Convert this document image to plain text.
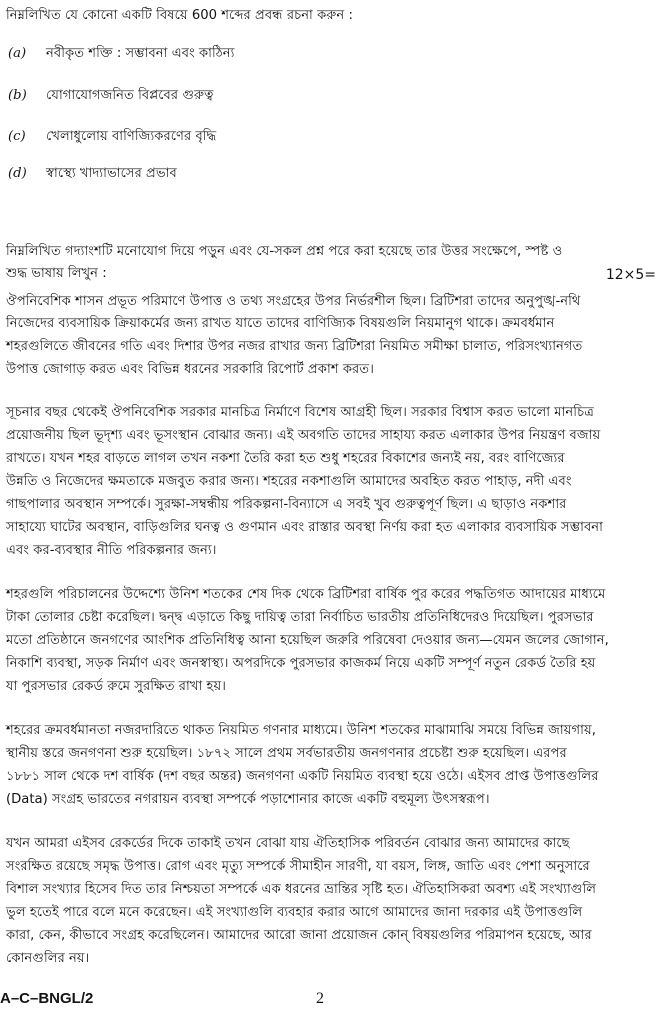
নিম্নলিখিত যে কোনো একটি বিষয়ে 600 শব্দের প্রবন্ধ রচনা করুন :
(a) নবীকৃত শক্তি : সম্ভাবনা এবং কাঠিন্য
(b) যোগাযোগজনিত বিপ্লবের গুরুত্ব
(c) খেলাধুলোয় বাণিজ্যিকরণের বৃদ্ধি
(d) স্বাস্থ্যে খাদ্যাভাসের প্রভাব
নিম্নলিখিত গদ্যাংশটি মনোযোগ দিয়ে পড়ুন এবং যে-সকল প্রশ্ন পরে করা হয়েছে তার উত্তর সংক্ষেপে, স্পষ্ট ও
শুদ্ধ ভাষায় লিখুন :	12×5=
ঔপনিবেশিক শাসন প্রভূত পরিমাণে উপাত্ত ও তথ্য সংগ্রহের উপর নির্ভরশীল ছিল। ব্রিটিশরা তাদের অনুপুঙ্খ-নথি
নিজেদের ব্যবসায়িক ক্রিয়াকর্মের জন্য রাখত যাতে তাদের বাণিজ্যিক বিষয়গুলি নিয়মানুগ থাকে। ক্রমবর্ধমান
শহরগুলিতে জীবনের গতি এবং দিশার উপর নজর রাখার জন্য ব্রিটিশরা নিয়মিত সমীক্ষা চালাত, পরিসংখ্যানগত
উপাত্ত জোগাড় করত এবং বিভিন্ন ধরনের সরকারি রিপোর্ট প্রকাশ করত।
সূচনার বছর থেকেই ঔপনিবেশিক সরকার মানচিত্র নির্মাণে বিশেষ আগ্রহী ছিল। সরকার বিশ্বাস করত ভালো মানচিত্র
প্রয়োজনীয় ছিল ভূদৃশ্য এবং ভূসংস্থান বোঝার জন্য। এই অবগতি তাদের সাহায্য করত এলাকার উপর নিয়ন্ত্রণ বজায়
রাখতে। যখন শহর বাড়তে লাগল তখন নকশা তৈরি করা হত শুধু শহরের বিকাশের জন্যই নয়, বরং বাণিজ্যের
উন্নতি ও নিজেদের ক্ষমতাকে মজবুত করার জন্য। শহরের নকশাগুলি আমাদের অবহিত করত পাহাড়, নদী এবং
গাছপালার অবস্থান সম্পর্কে। সুরক্ষা-সম্বন্ধীয় পরিকল্পনা-বিন্যাসে এ সবই খুব গুরুত্বপূর্ণ ছিল। এ ছাড়াও নকশার
সাহায্যে ঘাটের অবস্থান, বাড়িগুলির ঘনত্ব ও গুণমান এবং রাস্তার অবস্থা নির্ণয় করা হত এলাকার ব্যবসায়িক সম্ভাবনা
এবং কর-ব্যবস্থার নীতি পরিকল্পনার জন্য।
শহরগুলি পরিচালনের উদ্দেশ্যে উনিশ শতকের শেষ দিক থেকে ব্রিটিশরা বার্ষিক পুর করের পদ্ধতিগত আদায়ের মাধ্যমে
টাকা তোলার চেষ্টা করেছিল। দ্বন্দ্ব এড়াতে কিছু দায়িত্ব তারা নির্বাচিত ভারতীয় প্রতিনিধিদেরও দিয়েছিল। পুরসভার
মতো প্রতিষ্ঠানে জনগণের আংশিক প্রতিনিধিত্ব আনা হয়েছিল জরুরি পরিষেবা দেওয়ার জন্য—যেমন জলের জোগান,
নিকাশি ব্যবস্থা, সড়ক নির্মাণ এবং জনস্বাস্থ্য। অপরদিকে পুরসভার কাজকর্ম নিয়ে একটি সম্পূর্ণ নতুন রেকর্ড তৈরি হয়
যা পুরসভার রেকর্ড রুমে সুরক্ষিত রাখা হয়।
শহরের ক্রমবর্ধমানতা নজরদারিতে থাকত নিয়মিত গণনার মাধ্যমে। উনিশ শতকের মাঝামাঝি সময়ে বিভিন্ন জায়গায়,
স্থানীয় স্তরে জনগণনা শুরু হয়েছিল। ১৮৭২ সালে প্রথম সর্বভারতীয় জনগণনার প্রচেষ্টা শুরু হয়েছিল। এরপর
১৮৮১ সাল থেকে দশ বার্ষিক (দশ বছর অন্তর) জনগণনা একটি নিয়মিত ব্যবস্থা হয়ে ওঠে। এইসব প্রাপ্ত উপাত্তগুলির
(Data) সংগ্রহ ভারতের নগরায়ন ব্যবস্থা সম্পর্কে পড়াশোনার কাজে একটি বহুমূল্য উৎসস্বরূপ।
যখন আমরা এইসব রেকর্ডের দিকে তাকাই তখন বোঝা যায় ঐতিহাসিক পরিবর্তন বোঝার জন্য আমাদের কাছে
সংরক্ষিত রয়েছে সমৃদ্ধ উপাত্ত। রোগ এবং মৃত্যু সম্পর্কে সীমাহীন সারণী, যা বয়স, লিঙ্গ, জাতি এবং পেশা অনুসারে
বিশাল সংখ্যার হিসেব দিত তার নিশ্চয়তা সম্পর্কে এক ধরনের ভ্রান্তির সৃষ্টি হত। ঐতিহাসিকরা অবশ্য এই সংখ্যাগুলি
ভুল হতেই পারে বলে মনে করেছেন। এই সংখ্যাগুলি ব্যবহার করার আগে আমাদের জানা দরকার এই উপাত্তগুলি
কারা, কেন, কীভাবে সংগ্রহ করেছিলেন। আমাদের আরো জানা প্রয়োজন কোন্ বিষয়গুলির পরিমাপন হয়েছে, আর
কোনগুলির নয়।
A–C–BNGL/2	2
